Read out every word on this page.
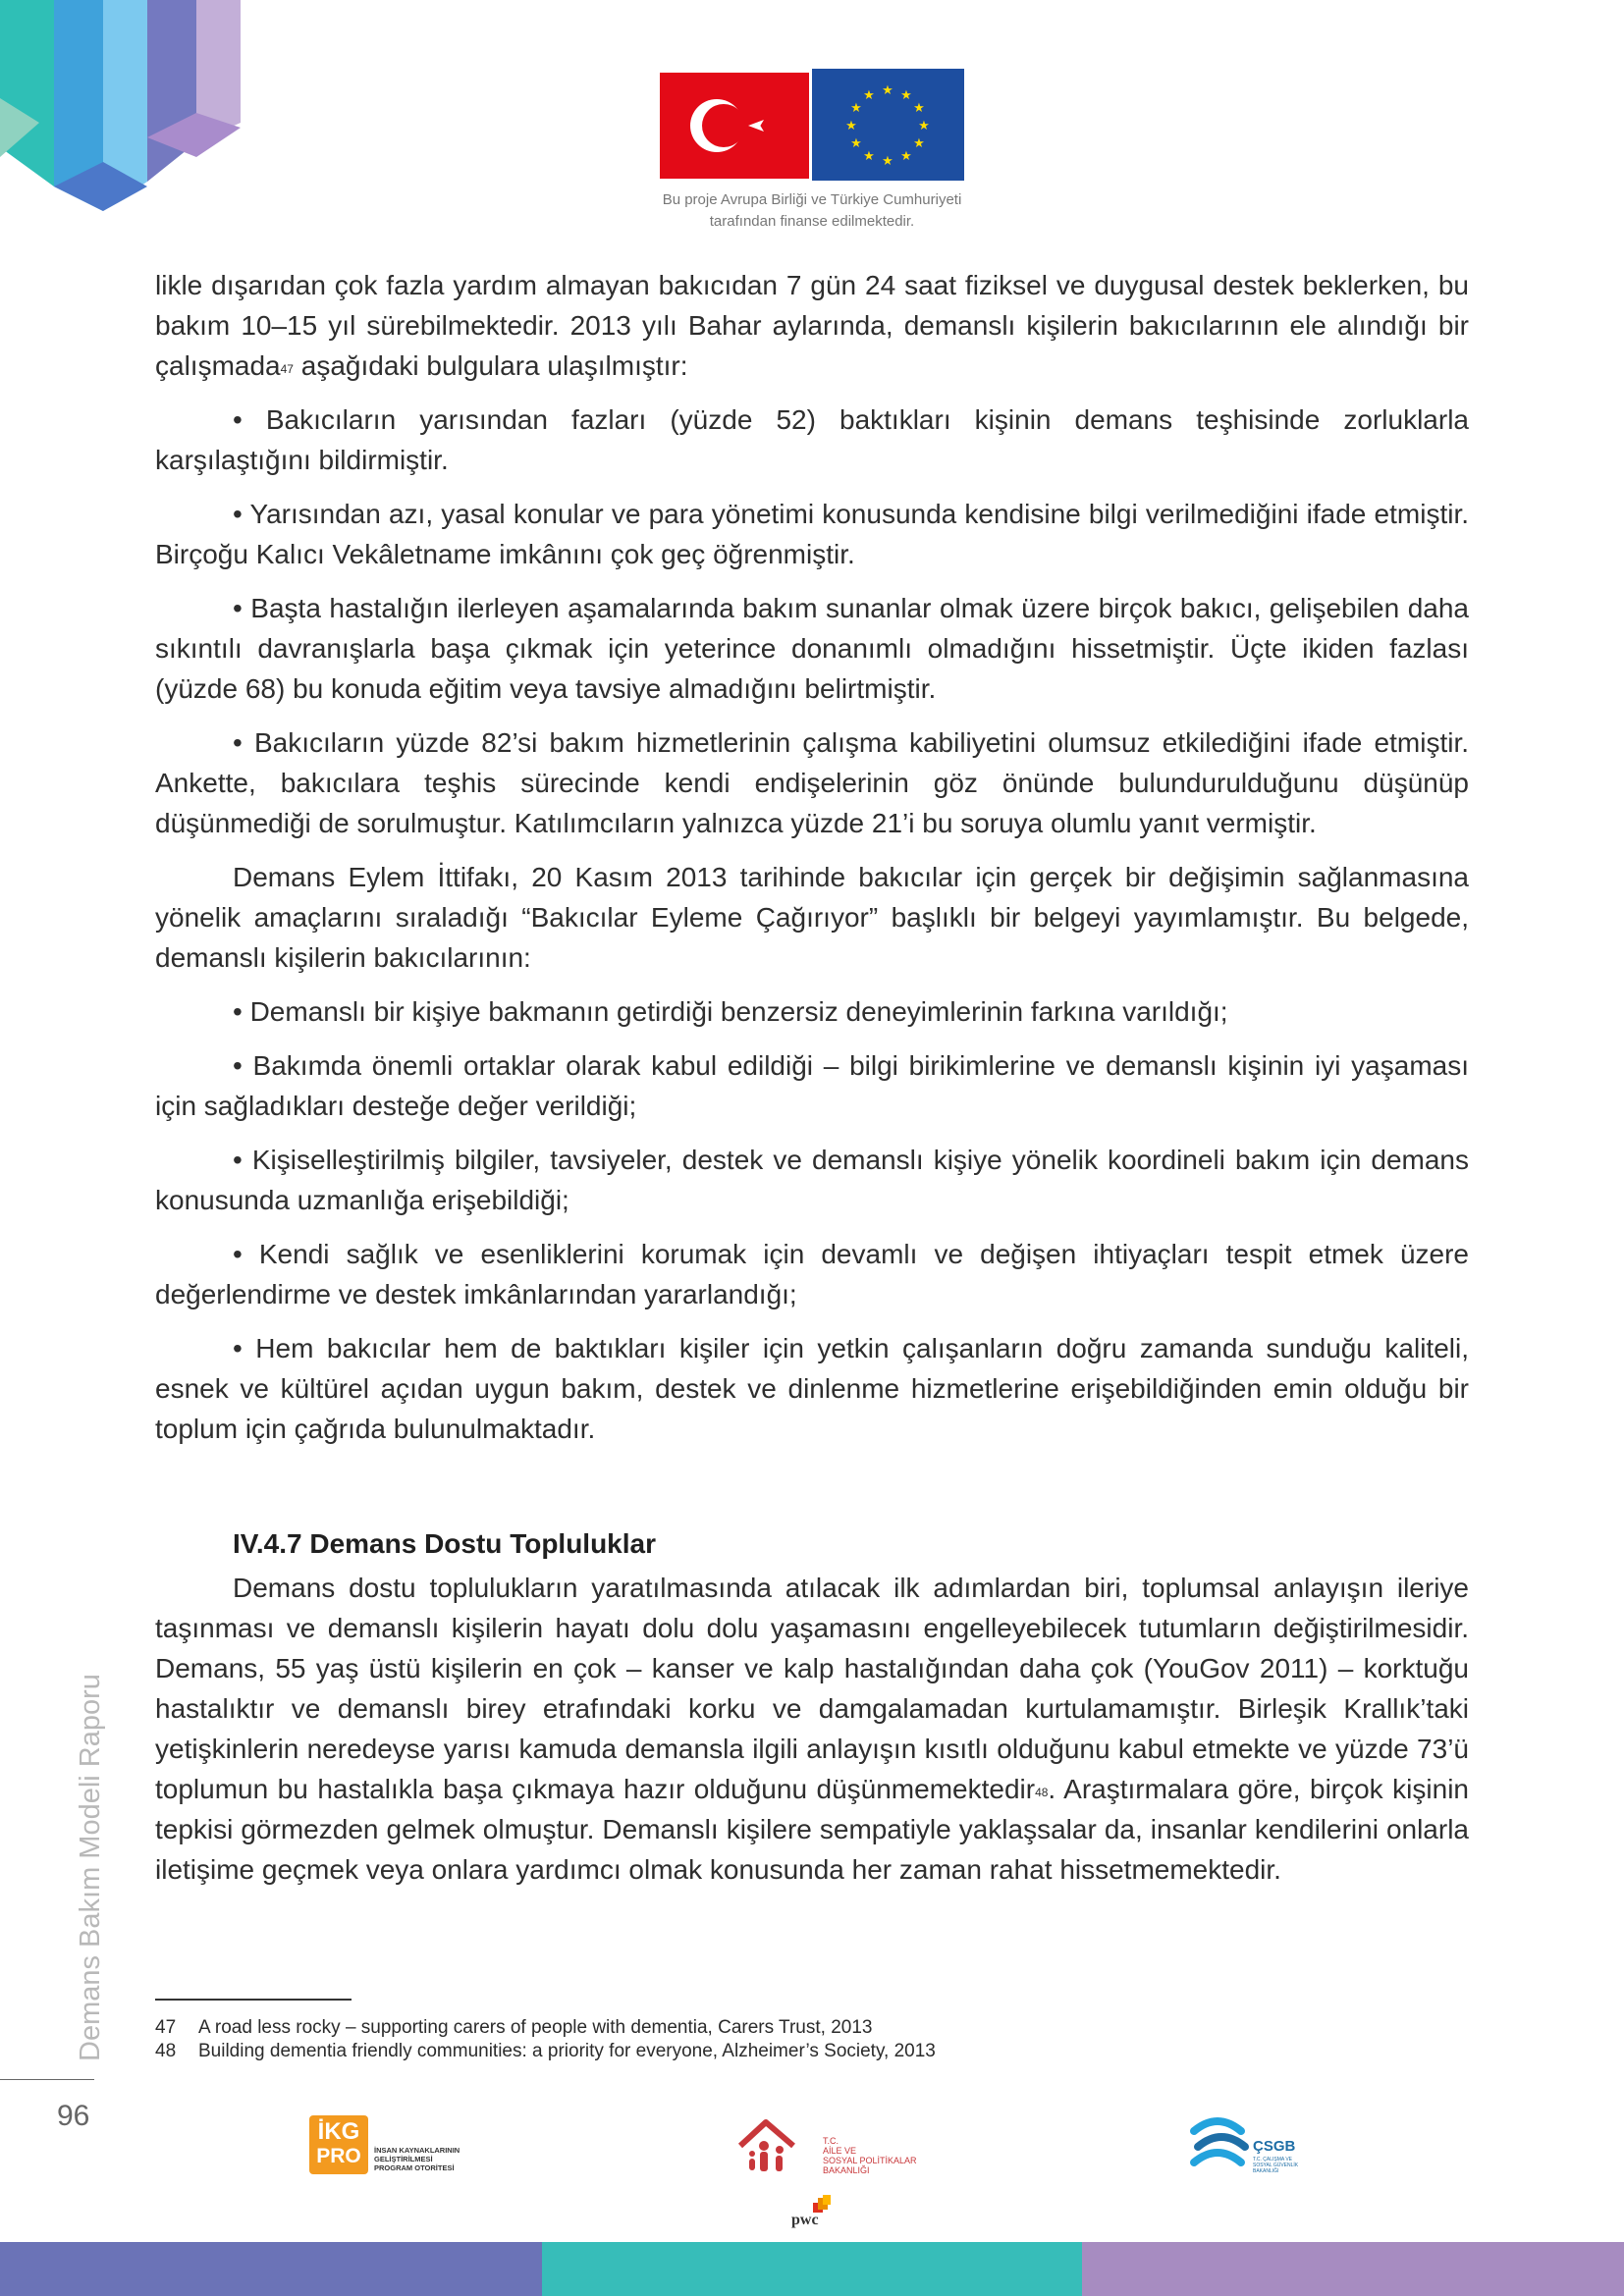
★ ★
★
★
★
★
★
★
★
★
★
★
Bu proje Avrupa Birliği ve Türkiye Cumhuriyeti
tarafından finanse edilmektedir.

likle dışarıdan çok fazla yardım almayan bakıcıdan 7 gün 24 saat fiziksel ve duygusal destek beklerken, bu bakım 10–15 yıl sürebilmektedir. 2013 yılı Bahar aylarında, demanslı kişilerin bakıcılarının ele alındığı bir çalışmada$^{47}$ aşağıdaki bulgulara ulaşılmıştır:

• Bakıcıların yarısından fazları (yüzde 52) baktıkları kişinin demans teşhisinde zorluklarla karşılaştığını bildirmiştir.

• Yarısından azı, yasal konular ve para yönetimi konusunda kendisine bilgi verilmediğini ifade etmiştir. Birçoğu Kalıcı Vekâletname imkânını çok geç öğrenmiştir.

• Başta hastalığın ilerleyen aşamalarında bakım sunanlar olmak üzere birçok bakıcı, gelişebilen daha sıkıntılı davranışlarla başa çıkmak için yeterince donanımlı olmadığını hissetmiştir. Üçte ikiden fazlası (yüzde 68) bu konuda eğitim veya tavsiye almadığını belirtmiştir.

• Bakıcıların yüzde 82’si bakım hizmetlerinin çalışma kabiliyetini olumsuz etkilediğini ifade etmiştir. Ankette, bakıcılara teşhis sürecinde kendi endişelerinin göz önünde bulundurulduğunu düşünüp düşünmediği de sorulmuştur. Katılımcıların yalnızca yüzde 21’i bu soruya olumlu yanıt vermiştir.

Demans Eylem İttifakı, 20 Kasım 2013 tarihinde bakıcılar için gerçek bir değişimin sağlanmasına yönelik amaçlarını sıraladığı “Bakıcılar Eyleme Çağırıyor” başlıklı bir belgeyi yayımlamıştır. Bu belgede, demanslı kişilerin bakıcılarının:

• Demanslı bir kişiye bakmanın getirdiği benzersiz deneyimlerinin farkına varıldığı;

• Bakımda önemli ortaklar olarak kabul edildiği – bilgi birikimlerine ve demanslı kişinin iyi yaşaması için sağladıkları desteğe değer verildiği;

• Kişiselleştirilmiş bilgiler, tavsiyeler, destek ve demanslı kişiye yönelik koordineli bakım için demans konusunda uzmanlığa erişebildiği;

• Kendi sağlık ve esenliklerini korumak için devamlı ve değişen ihtiyaçları tespit etmek üzere değerlendirme ve destek imkânlarından yararlandığı;

• Hem bakıcılar hem de baktıkları kişiler için yetkin çalışanların doğru zamanda sunduğu kaliteli, esnek ve kültürel açıdan uygun bakım, destek ve dinlenme hizmetlerine erişebildiğinden emin olduğu bir toplum için çağrıda bulunulmaktadır.

IV.4.7 Demans Dostu Topluluklar

Demans dostu toplulukların yaratılmasında atılacak ilk adımlardan biri, toplumsal anlayışın ileriye taşınması ve demanslı kişilerin hayatı dolu dolu yaşamasını engelleyebilecek tutumların değiştirilmesidir. Demans, 55 yaş üstü kişilerin en çok – kanser ve kalp hastalığından daha çok (YouGov 2011) – korktuğu hastalıktır ve demanslı birey etrafındaki korku ve damgalamadan kurtulamamıştır. Birleşik Krallık’taki yetişkinlerin neredeyse yarısı kamuda demansla ilgili anlayışın kısıtlı olduğunu kabul etmekte ve yüzde 73’ü toplumun bu hastalıkla başa çıkmaya hazır olduğunu düşünmemektedir$^{48}$. Araştırmalara göre, birçok kişinin tepkisi görmezden gelmek olmuştur. Demanslı kişilere sempatiyle yaklaşsalar da, insanlar kendilerini onlarla iletişime geçmek veya onlara yardımcı olmak konusunda her zaman rahat hissetmemektedir.

47 A road less rocky – supporting carers of people with dementia, Carers Trust, 2013
48 Building dementia friendly communities: a priority for everyone, Alzheimer’s Society, 2013
Demans Bakım Modeli Raporu
96	İKG
PRO	İNSAN KAYNAKLARININ
GELİŞTİRİLMESİ
PROGRAM OTORİTESİ
T.C.
AİLE VE
SOSYAL POLİTİKALAR
BAKANLIĞI
pwc
ÇSGB
T.C. ÇALIŞMA VE
SOSYAL GÜVENLİK
BAKANLIĞI
